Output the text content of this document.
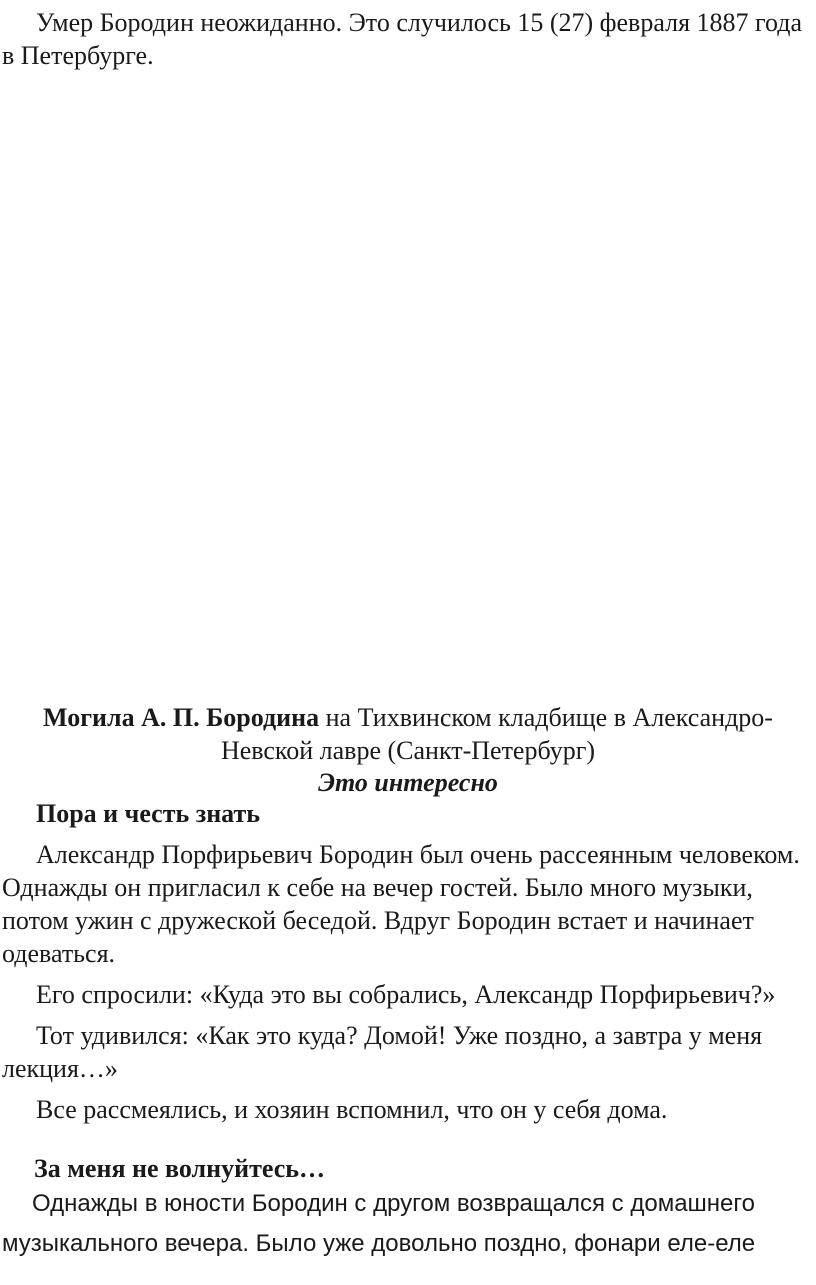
Умер Бородин неожиданно. Это случилось 15 (27) февраля 1887 года в Петербурге.

Могила А. П. Бородина на Тихвинском кладбище в Александро-Невской лавре (Санкт-Петербург)

Это интересно

Пора и честь знать

Александр Порфирьевич Бородин был очень рассеянным человеком. Однажды он пригласил к себе на вечер гостей. Было много музыки, потом ужин с дружеской беседой. Вдруг Бородин встает и начинает одеваться.

Его спросили: «Куда это вы собрались, Александр Порфирьевич?»

Тот удивился: «Как это куда? Домой! Уже поздно, а завтра у меня лекция…»

Все рассмеялись, и хозяин вспомнил, что он у себя дома.

За меня не волнуйтесь…

Однажды в юности Бородин с другом возвращался с домашнего музыкального вечера. Было уже довольно поздно, фонари еле-еле
